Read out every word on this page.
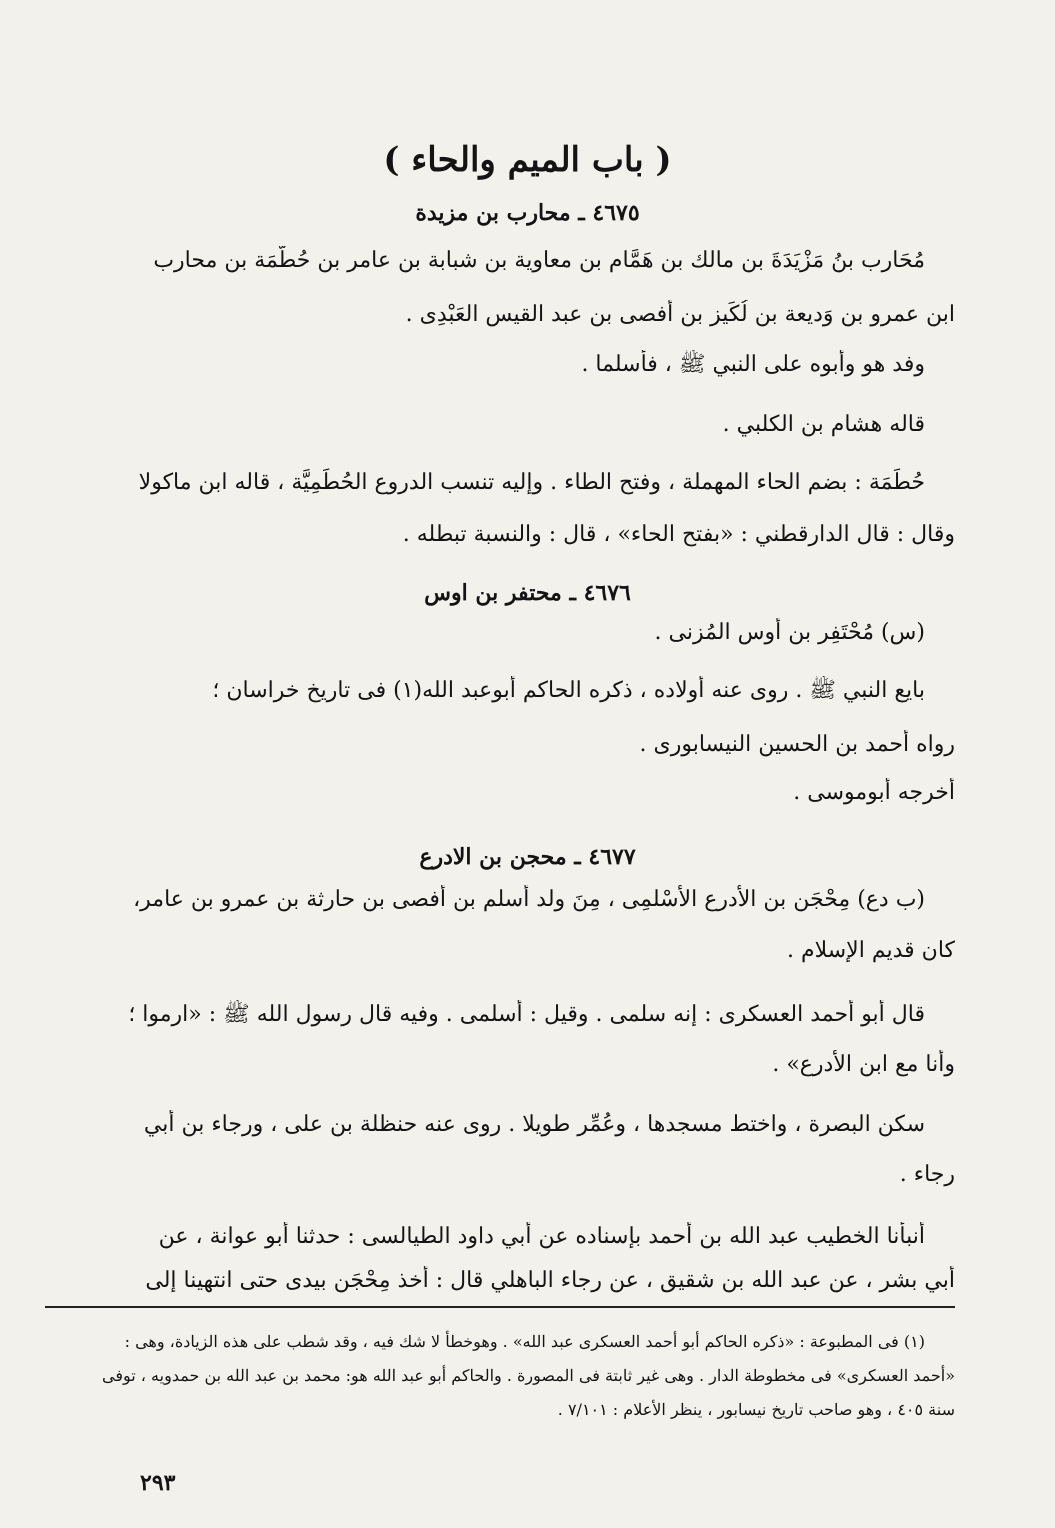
( باب الميم والحاء )
٤٦٧٥ ـ محارب بن مزيدة

مُحَارب بنُ مَزْيَدَةَ بن مالك بن هَمَّام بن معاوية بن شبابة بن عامر بن حُطَّمَة بن محارب

ابن عمرو بن وَديعة بن لُكَيز بن أفصى بن عبد القيس العَبْدِى .

وفد هو وأبوه على النبي ﷺ ، فأسلما .

قاله هشام بن الكلبي .

حُطَمَة : بضم الحاء المهملة ، وفتح الطاء . وإليه تنسب الدروع الحُطَمِيَّة ، قاله ابن ماكولا

وقال : قال الدارقطني : «بفتح الحاء» ، قال : والنسبة تبطله .

٤٦٧٦ ـ محتفر بن اوس

(س) مُحْتَفِر بن أوس المُزنى .

بايع النبي ﷺ . روى عنه أولاده ، ذكره الحاكم أبوعبد الله(١) فى تاريخ خراسان ؛

رواه أحمد بن الحسين النيسابورى .

أخرجه أبوموسى .

٤٦٧٧ ـ محجن بن الادرع

(ب دع) مِحْجَن بن الأَدرع الأَسْلمِى ، مِنَ ولد أسلم بن أفصى بن حارثة بن عمرو بن عامر،

كان قديم الإسلام .

قال أبو أحمد العسكرى : إنه سلمى . وقيل : أسلمى . وفيه قال رسول الله ﷺ : «ارموا ؛

وأنا مع ابن الأدرع» .

سكن البصرة ، واختط مسجدها ، وعُمِّر طويلا . روى عنه حنظلة بن على ، ورجاء بن أبي

رجاء .

أنبأنا الخطيب عبد الله بن أحمد بإسناده عن أبي داود الطيالسى : حدثنا أبو عوانة ، عن

أبي بشر ، عن عبد الله بن شقيق ، عن رجاء الباهلي قال : أخذ مِحْجَن بيدى حتى انتهينا إلى

(١) فى المطبوعة : «ذكره الحاكم أبو أحمد العسكرى عبد الله» . وهوخطأ لا شك فيه ، وقد شطب على هذه الزيادة، وهى :

«أحمد العسكرى» فى مخطوطة الدار . وهى غير ثابتة فى المصورة . والحاكم أبو عبد الله هو: محمد بن عبد الله بن حمدويه ، توفى

سنة ٤٠٥ ، وهو صاحب تاريخ نيسابور ، ينظر الأعلام : ٧/١٠١ .

٢٩٣
